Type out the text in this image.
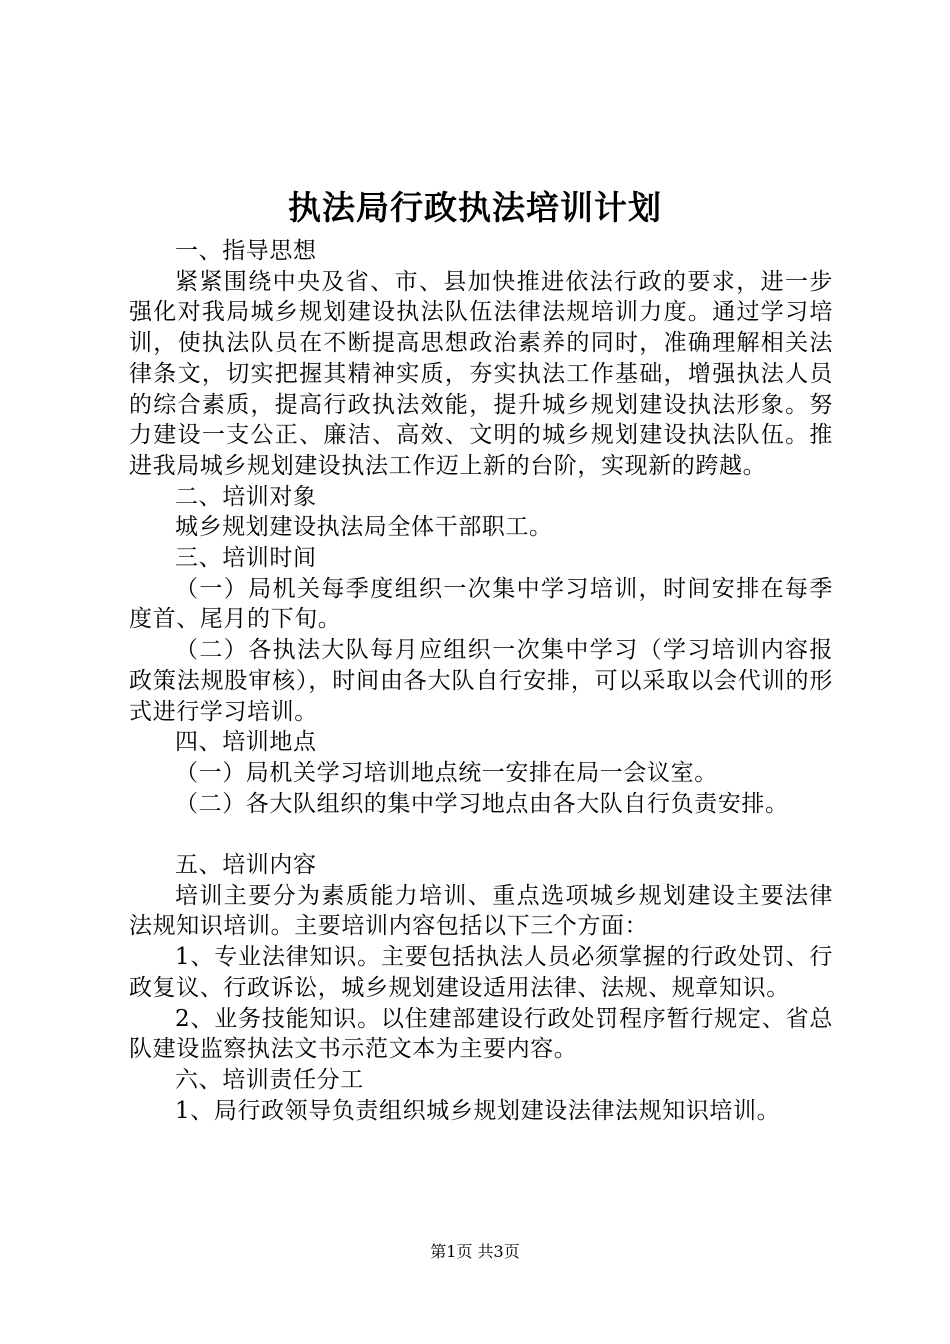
执法局行政执法培训计划

一、指导思想

紧紧围绕中央及省、市、县加快推进依法行政的要求，进一步强化对我局城乡规划建设执法队伍法律法规培训力度。通过学习培训，使执法队员在不断提高思想政治素养的同时，准确理解相关法律条文，切实把握其精神实质，夯实执法工作基础，增强执法人员的综合素质，提高行政执法效能，提升城乡规划建设执法形象。努力建设一支公正、廉洁、高效、文明的城乡规划建设执法队伍。推进我局城乡规划建设执法工作迈上新的台阶，实现新的跨越。

二、培训对象

城乡规划建设执法局全体干部职工。

三、培训时间

（一）局机关每季度组织一次集中学习培训，时间安排在每季度首、尾月的下旬。

（二）各执法大队每月应组织一次集中学习（学习培训内容报政策法规股审核），时间由各大队自行安排，可以采取以会代训的形式进行学习培训。

四、培训地点

（一）局机关学习培训地点统一安排在局一会议室。

（二）各大队组织的集中学习地点由各大队自行负责安排。

五、培训内容

培训主要分为素质能力培训、重点选项城乡规划建设主要法律法规知识培训。主要培训内容包括以下三个方面：

1、专业法律知识。主要包括执法人员必须掌握的行政处罚、行政复议、行政诉讼，城乡规划建设适用法律、法规、规章知识。

2、业务技能知识。以住建部建设行政处罚程序暂行规定、省总队建设监察执法文书示范文本为主要内容。

六、培训责任分工

1、局行政领导负责组织城乡规划建设法律法规知识培训。

第1页 共3页
